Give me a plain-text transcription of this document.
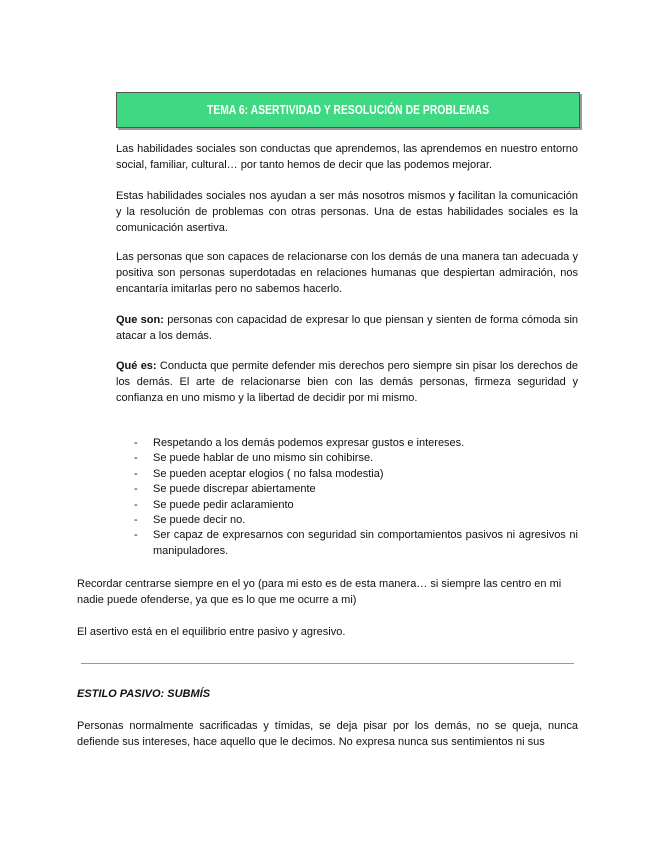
TEMA 6: ASERTIVIDAD Y RESOLUCIÓN DE PROBLEMAS

Las habilidades sociales son conductas que aprendemos, las aprendemos en nuestro entorno social, familiar, cultural… por tanto hemos de decir que las podemos mejorar.

Estas habilidades sociales nos ayudan a ser más nosotros mismos y facilitan la comunicación y la resolución de problemas con otras personas. Una de estas habilidades sociales es la comunicación asertiva.

Las personas que son capaces de relacionarse con los demás de una manera tan adecuada y positiva son personas superdotadas en relaciones humanas que despiertan admiración, nos encantaría imitarlas pero no sabemos hacerlo.

Que son: personas con capacidad de expresar lo que piensan y sienten de forma cómoda sin atacar a los demás.

Qué es: Conducta que permite defender mis derechos pero siempre sin pisar los derechos de los demás. El arte de relacionarse bien con las demás personas, firmeza seguridad y confianza en uno mismo y la libertad de decidir por mi mismo.

- Respetando a los demás podemos expresar gustos e intereses.
- Se puede hablar de uno mismo sin cohibirse.
- Se pueden aceptar elogios ( no falsa modestia)
- Se puede discrepar abiertamente
- Se puede pedir aclaramiento
- Se puede decir no.
- Ser capaz de expresarnos con seguridad sin comportamientos pasivos ni agresivos ni manipuladores.

Recordar centrarse siempre en el yo (para mi esto es de esta manera… si siempre las centro en mi nadie puede ofenderse, ya que es lo que me ocurre a mi)

El asertivo está en el equilibrio entre pasivo y agresivo.

ESTILO PASIVO: SUBMÍS

Personas normalmente sacrificadas y tímidas, se deja pisar por los demás, no se queja, nunca defiende sus intereses, hace aquello que le decimos. No expresa nunca sus sentimientos ni sus
